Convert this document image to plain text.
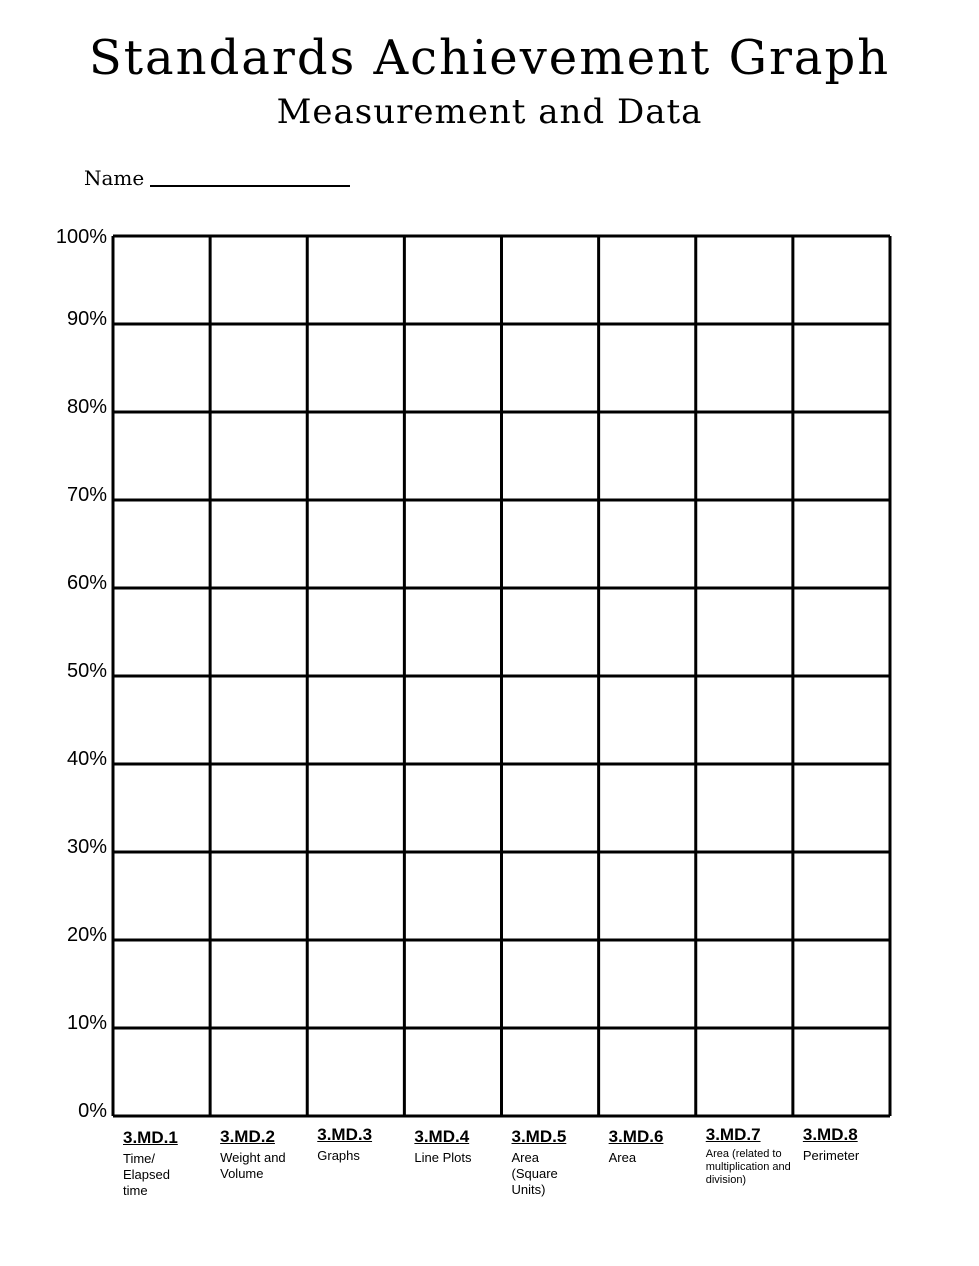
Standards Achievement Graph
Measurement and Data
Name
0%
10%
20%
30%
40%
50%
60%
70%
80%
90%
100%
3.MD.1
Time/ Elapsed time
3.MD.2
Weight and Volume
3.MD.3
Graphs
3.MD.4
Line Plots
3.MD.5
Area (Square Units)
3.MD.6
Area
3.MD.7
Area (related to multiplication and division)
3.MD.8
Perimeter
